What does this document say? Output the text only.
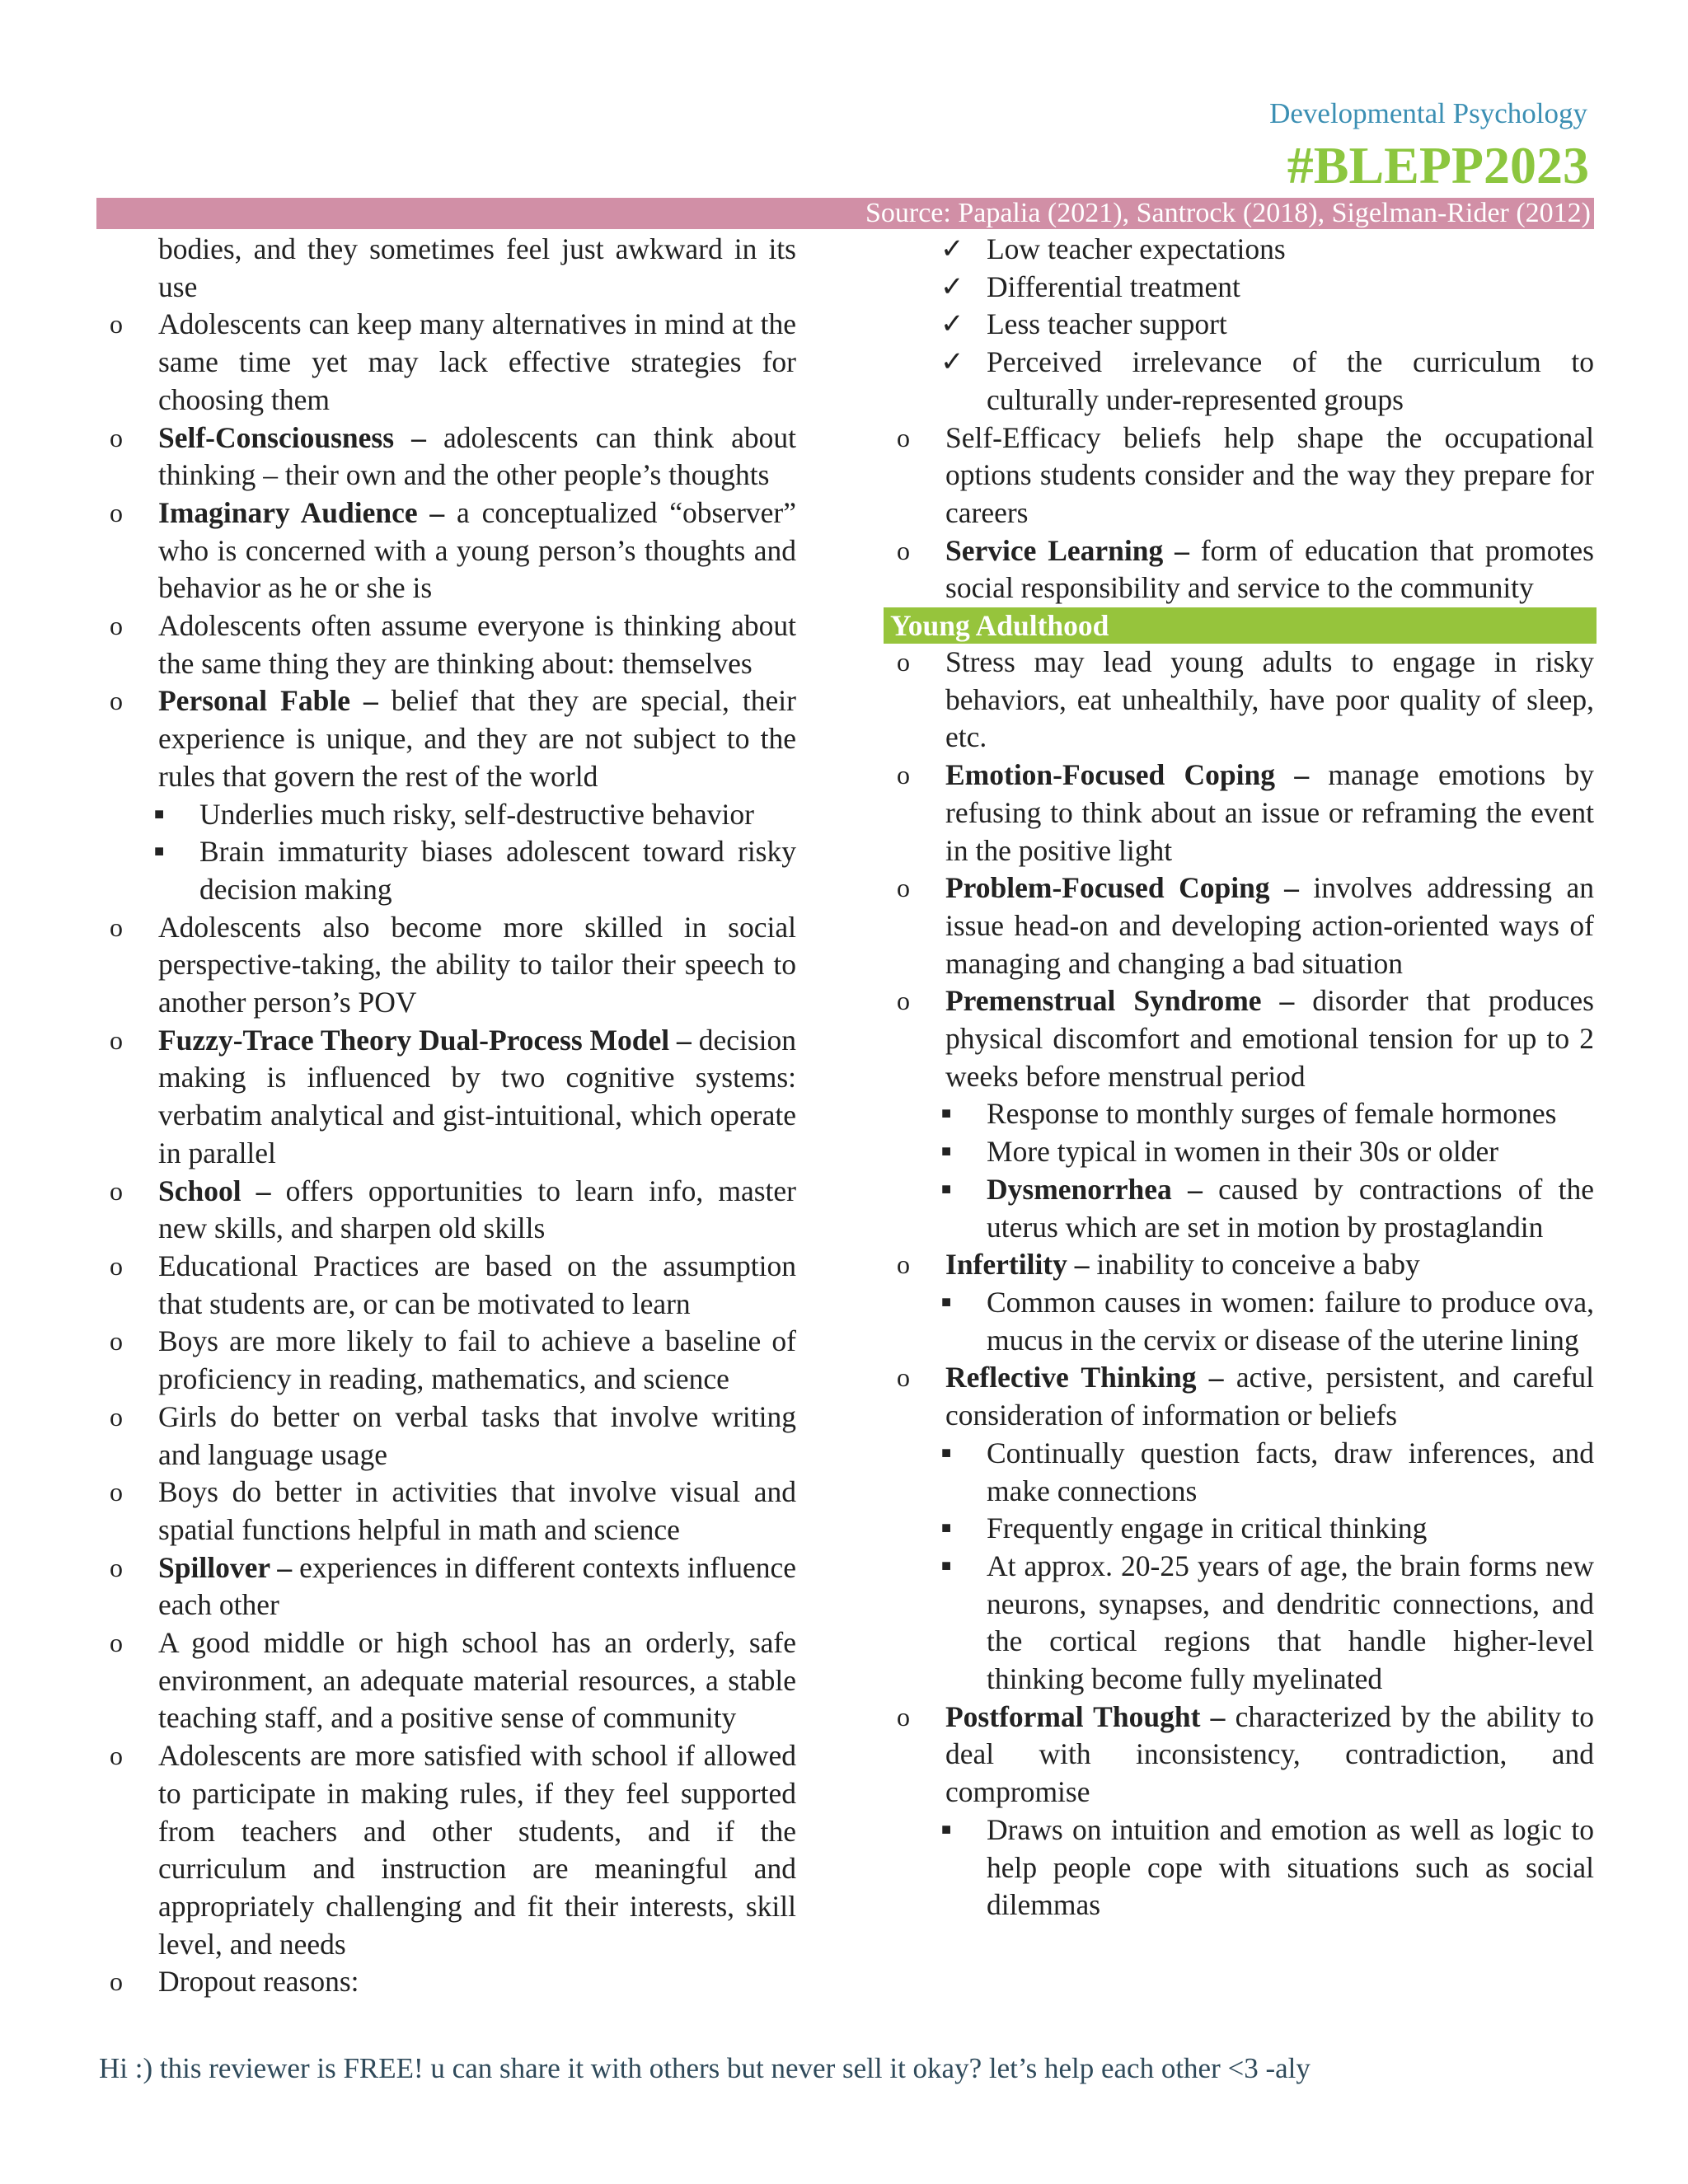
Developmental Psychology
#BLEPP2023
Source: Papalia (2021), Santrock (2018), Sigelman-Rider (2012)
bodies, and they sometimes feel just awkward in its use
o Adolescents can keep many alternatives in mind at the same time yet may lack effective strategies for choosing them
o Self-Consciousness – adolescents can think about thinking – their own and the other people’s thoughts
o Imaginary Audience – a conceptualized “observer” who is concerned with a young person’s thoughts and behavior as he or she is
o Adolescents often assume everyone is thinking about the same thing they are thinking about: themselves
o Personal Fable – belief that they are special, their experience is unique, and they are not subject to the rules that govern the rest of the world
■ Underlies much risky, self-destructive behavior
■ Brain immaturity biases adolescent toward risky decision making
o Adolescents also become more skilled in social perspective-taking, the ability to tailor their speech to another person’s POV
o Fuzzy-Trace Theory Dual-Process Model – decision making is influenced by two cognitive systems: verbatim analytical and gist-intuitional, which operate in parallel
o School – offers opportunities to learn info, master new skills, and sharpen old skills
o Educational Practices are based on the assumption that students are, or can be motivated to learn
o Boys are more likely to fail to achieve a baseline of proficiency in reading, mathematics, and science
o Girls do better on verbal tasks that involve writing and language usage
o Boys do better in activities that involve visual and spatial functions helpful in math and science
o Spillover – experiences in different contexts influence each other
o A good middle or high school has an orderly, safe environment, an adequate material resources, a stable teaching staff, and a positive sense of community
o Adolescents are more satisfied with school if allowed to participate in making rules, if they feel supported from teachers and other students, and if the curriculum and instruction are meaningful and appropriately challenging and fit their interests, skill level, and needs
o Dropout reasons:
✓ Low teacher expectations
✓ Differential treatment
✓ Less teacher support
✓ Perceived irrelevance of the curriculum to culturally under-represented groups
o Self-Efficacy beliefs help shape the occupational options students consider and the way they prepare for careers
o Service Learning – form of education that promotes social responsibility and service to the community
Young Adulthood
o Stress may lead young adults to engage in risky behaviors, eat unhealthily, have poor quality of sleep, etc.
o Emotion-Focused Coping – manage emotions by refusing to think about an issue or reframing the event in the positive light
o Problem-Focused Coping – involves addressing an issue head-on and developing action-oriented ways of managing and changing a bad situation
o Premenstrual Syndrome – disorder that produces physical discomfort and emotional tension for up to 2 weeks before menstrual period
■ Response to monthly surges of female hormones
■ More typical in women in their 30s or older
■ Dysmenorrhea – caused by contractions of the uterus which are set in motion by prostaglandin
o Infertility – inability to conceive a baby
■ Common causes in women: failure to produce ova, mucus in the cervix or disease of the uterine lining
o Reflective Thinking – active, persistent, and careful consideration of information or beliefs
■ Continually question facts, draw inferences, and make connections
■ Frequently engage in critical thinking
■ At approx. 20-25 years of age, the brain forms new neurons, synapses, and dendritic connections, and the cortical regions that handle higher-level thinking become fully myelinated
o Postformal Thought – characterized by the ability to deal with inconsistency, contradiction, and compromise
■ Draws on intuition and emotion as well as logic to help people cope with situations such as social dilemmas
Hi :) this reviewer is FREE! u can share it with others but never sell it okay? let’s help each other <3 -aly
